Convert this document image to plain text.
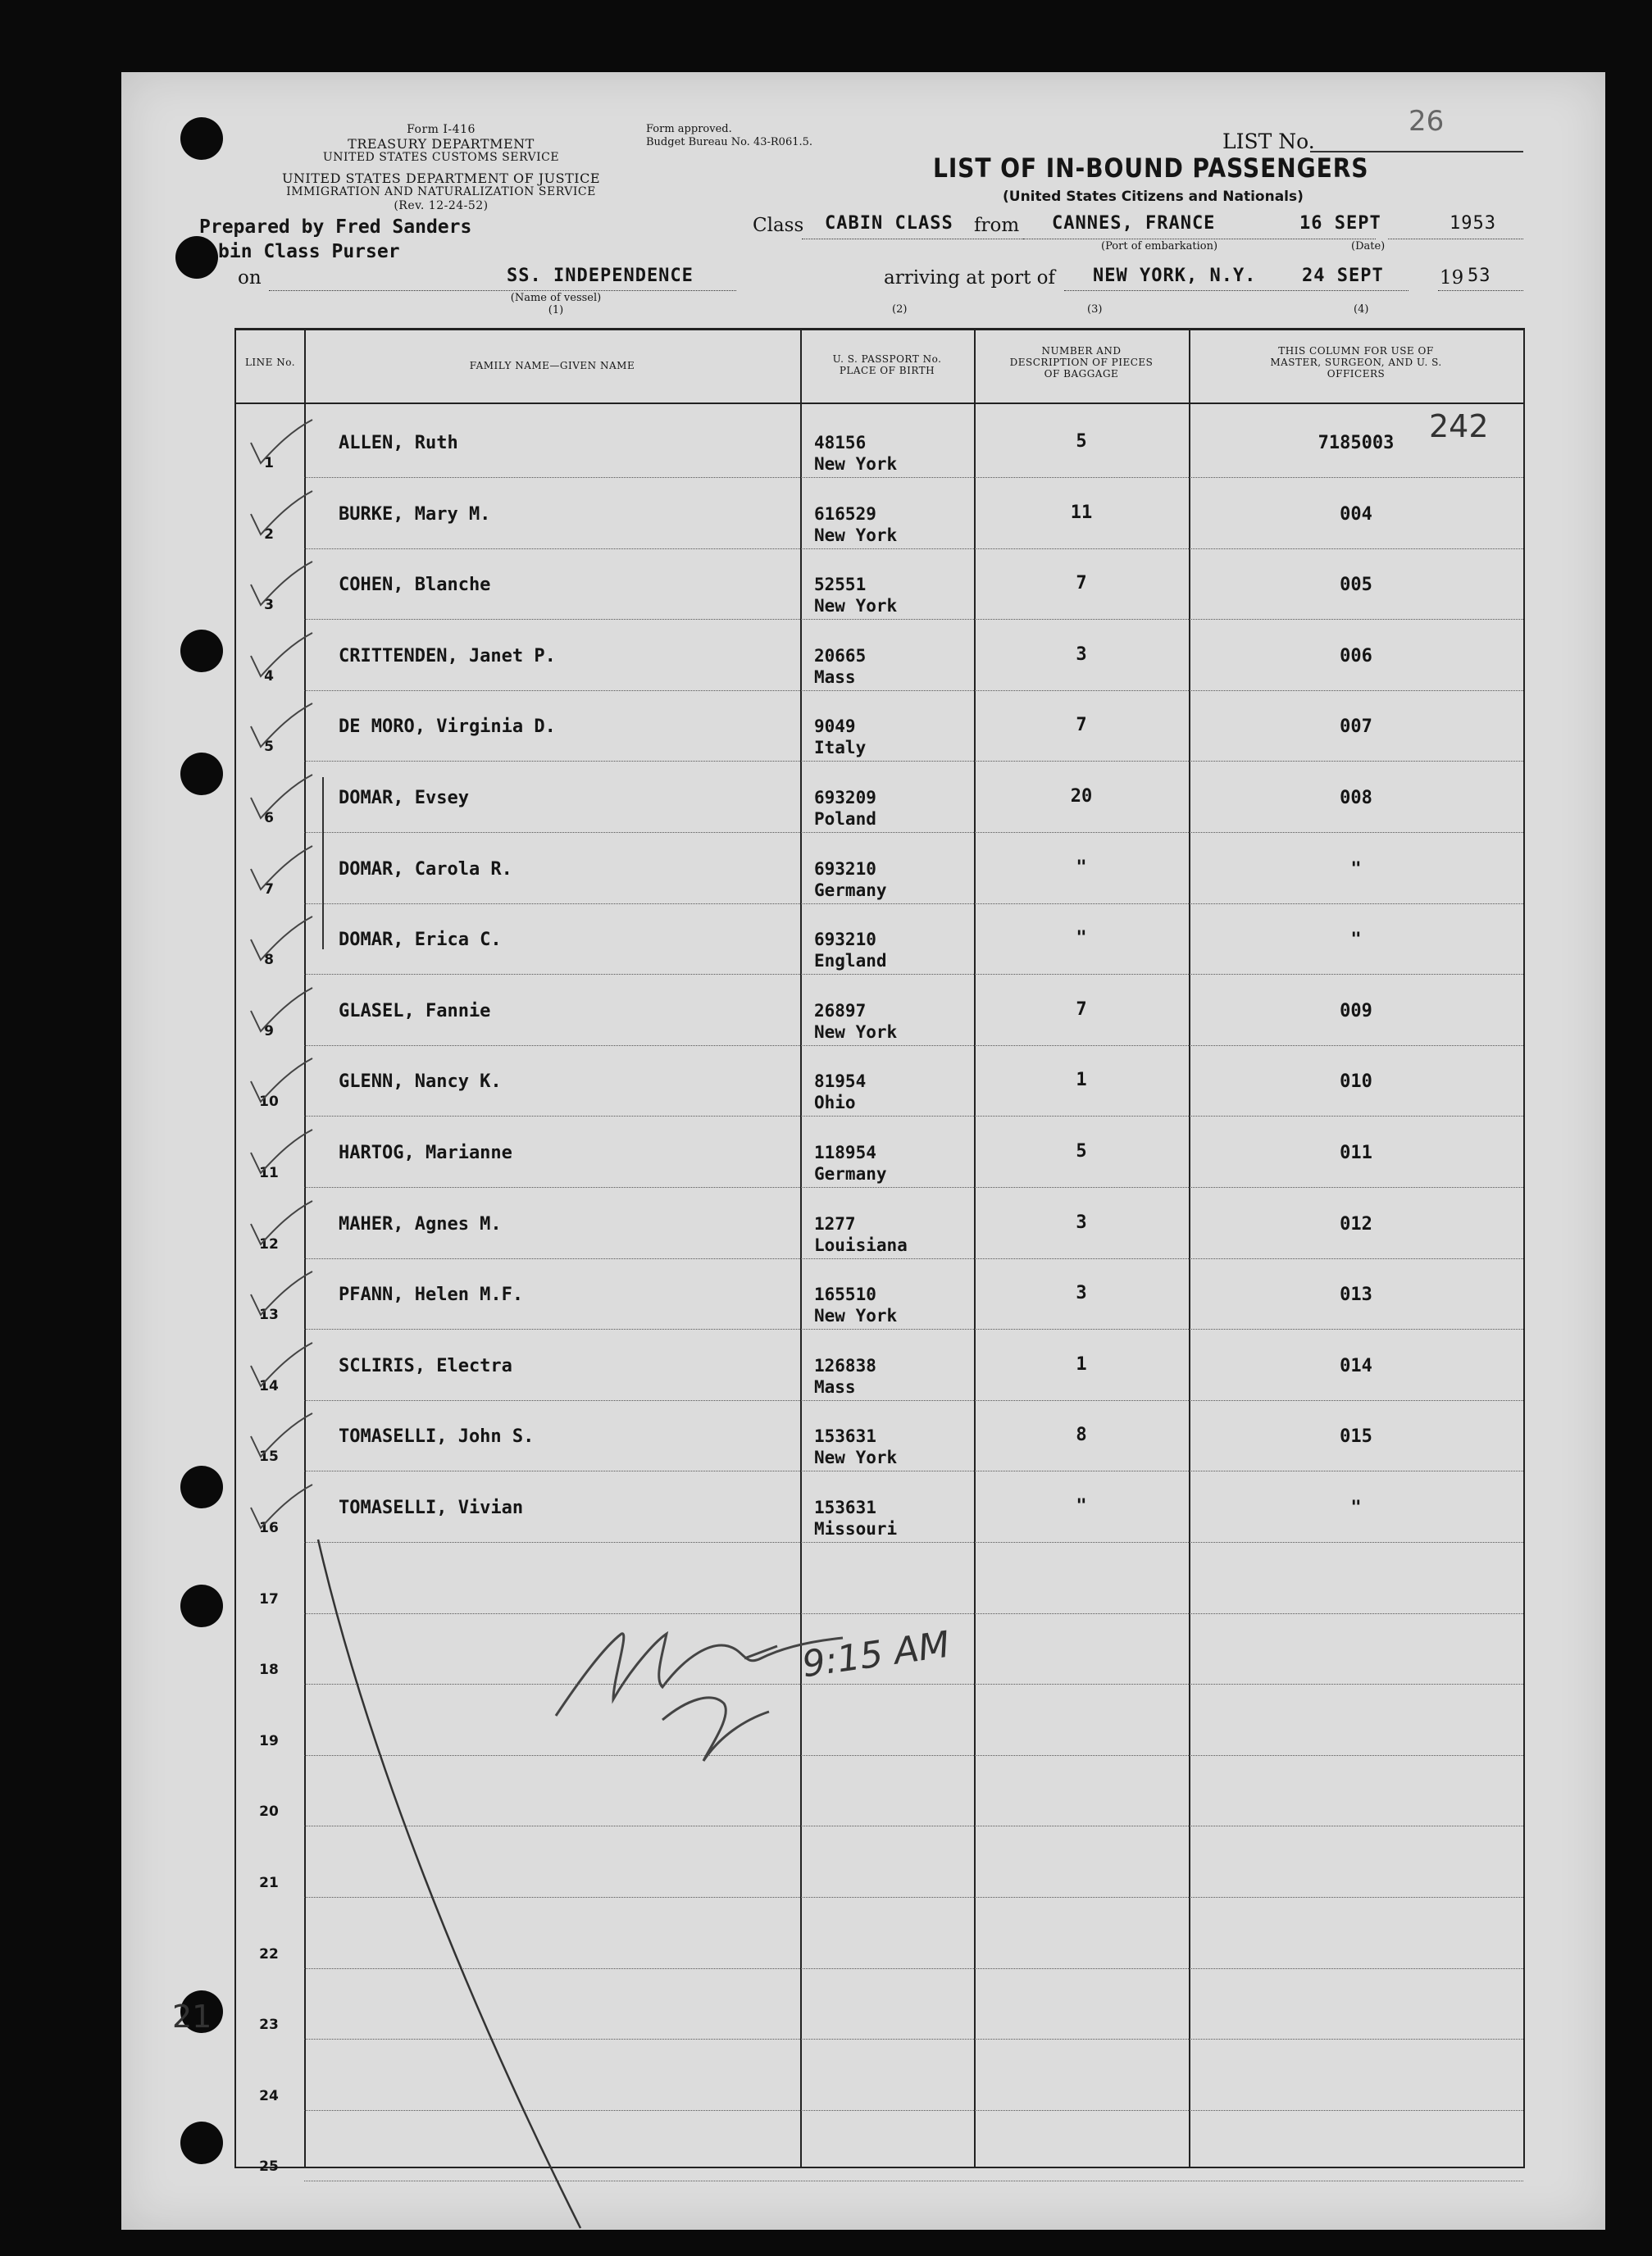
Form I-416
TREASURY DEPARTMENT
UNITED STATES CUSTOMS SERVICE
UNITED STATES DEPARTMENT OF JUSTICE
IMMIGRATION AND NATURALIZATION SERVICE
(Rev. 12-24-52)
Form approved.
Budget Bureau No. 43-R061.5.	LIST No.
26
LIST OF IN-BOUND PASSENGERS
(United States Citizens and Nationals)
Prepared by Fred Sanders
bin Class Purser
Class CABIN CLASS from CANNES, FRANCE
(Port of embarkation)
16 SEPT
(Date)
1953
on	SS. INDEPENDENCE
(Name of vessel)
(1)
arriving at port of
(2)
NEW YORK, N.Y.
(3)
24 SEPT
(4)
19 53
LINE No.	FAMILY NAME—GIVEN NAME
U. S. PASSPORT No. PLACE OF BIRTH
NUMBER AND DESCRIPTION OF PIECES OF BAGGAGE
THIS COLUMN FOR USE OF MASTER, SURGEON, AND U. S. OFFICERS
1
ALLEN, Ruth	48156
New York
5	7185003
2
BURKE, Mary M.	616529
New York
11	004
3
COHEN, Blanche	52551
New York
7	005
4
CRITTENDEN, Janet P.	20665
Mass
3	006
5
DE MORO, Virginia D.	9049
Italy
7	007
6
DOMAR, Evsey	693209
Poland
20	008
7
DOMAR, Carola R.	693210
Germany
"	"
8
DOMAR, Erica C.	693210
England
"	"
9
GLASEL, Fannie	26897
New York
7	009
10
GLENN, Nancy K.	81954
Ohio
1	010
11
HARTOG, Marianne	118954
Germany
5	011
12
MAHER, Agnes M.	1277
Louisiana
3	012
13
PFANN, Helen M.F.	165510
New York
3	013
14
SCLIRIS, Electra	126838
Mass
1	014
15
TOMASELLI, John S.	153631
New York
8	015
16
TOMASELLI, Vivian	153631
Missouri
"	"
17
18
19
20
21
22
23
24
25
242
21
9:15 AM
